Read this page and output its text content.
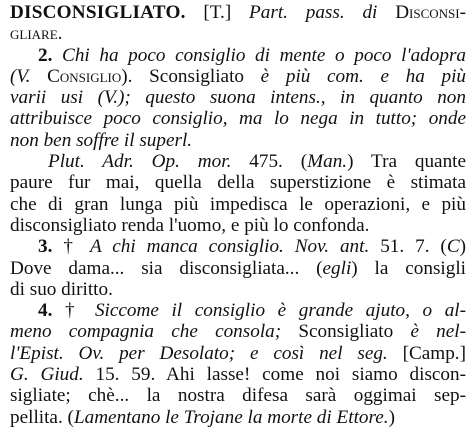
DISCONSIGLIATO. [T.] Part. pass. di Disconsi-
gliare.
2. Chi ha poco consiglio di mente o poco l'adopra
(V. Consiglio). Sconsigliato è più com. e ha più
varii usi (V.); questo suona intens., in quanto non
attribuisce poco consiglio, ma lo nega in tutto; onde
non ben soffre il superl.
Plut. Adr. Op. mor. 475. (Man.) Tra quante
paure fur mai, quella della superstizione è stimata
che di gran lunga più impedisca le operazioni, e più
disconsigliato renda l'uomo, e più lo confonda.
3. † A chi manca consiglio. Nov. ant. 51. 7. (C)
Dove dama... sia disconsigliata... (egli) la consigli
di suo diritto.
4. † Siccome il consiglio è grande ajuto, o al-
meno compagnia che consola; Sconsigliato è nel-
l'Epist. Ov. per Desolato; e così nel seg. [Camp.]
G. Giud. 15. 59. Ahi lasse! come noi siamo discon-
sigliate; chè... la nostra difesa sarà oggimai sep-
pellita. (Lamentano le Trojane la morte di Ettore.)
